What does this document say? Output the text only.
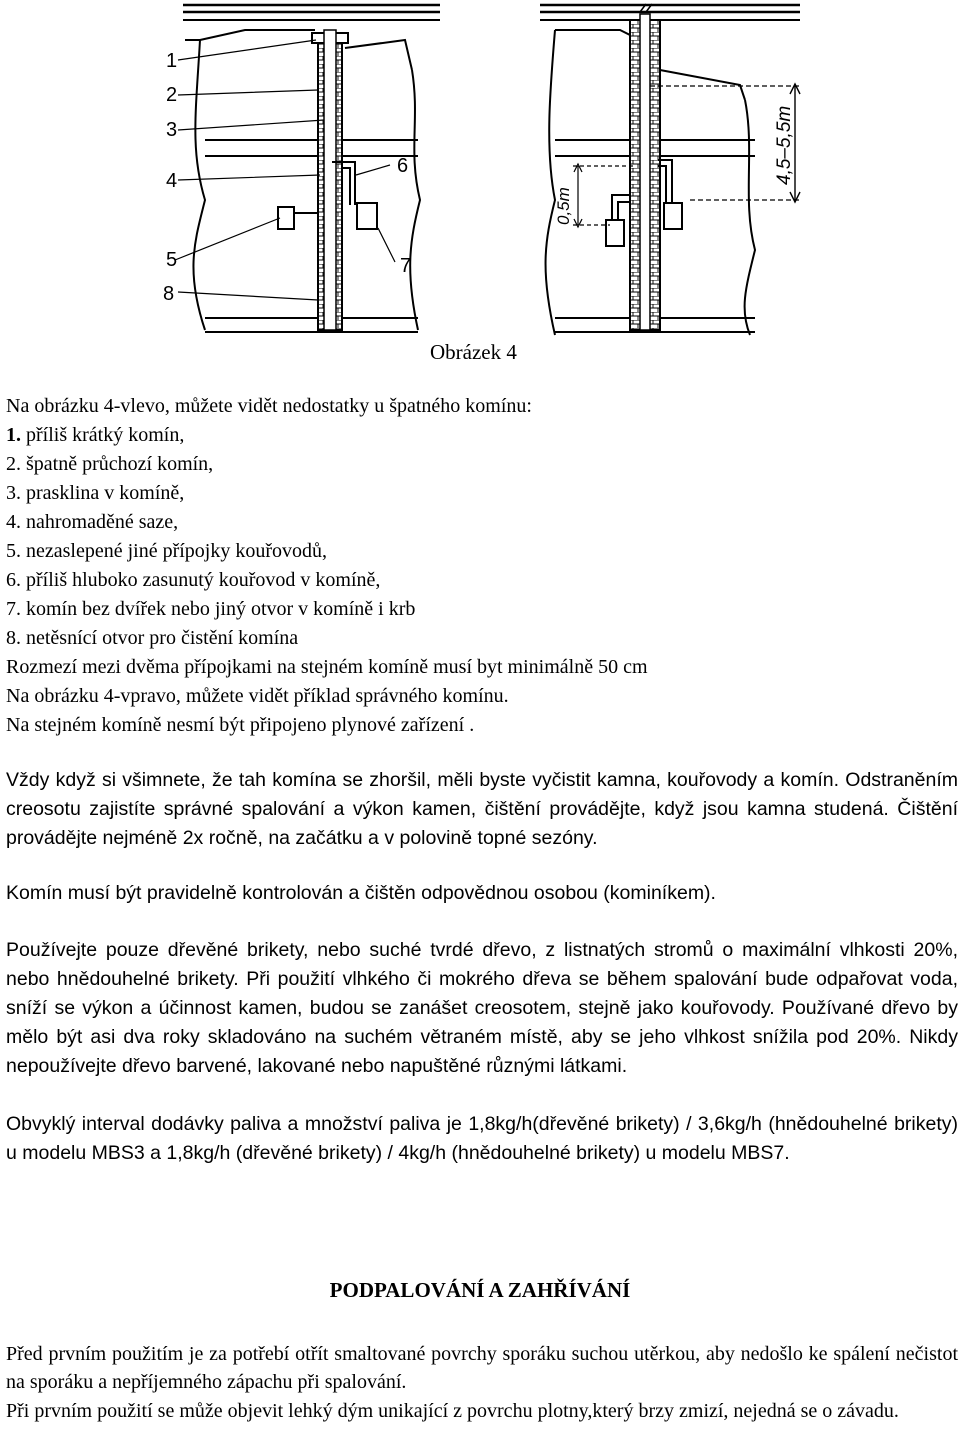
1
2
3
4
5
8
6
7
0,5m
4,5–5,5m
Obrázek 4
Na obrázku 4-vlevo, můžete vidět nedostatky u špatného komínu:
1. příliš krátký komín,
2. špatně průchozí komín,
3. prasklina v komíně,
4. nahromaděné saze,
5. nezaslepené jiné přípojky kouřovodů,
6. příliš hluboko zasunutý kouřovod v komíně,
7. komín bez dvířek nebo jiný otvor v komíně i krb
8. netěsnící otvor pro čistění komína
Rozmezí mezi dvěma přípojkami na stejném komíně musí byt minimálně 50 cm
Na obrázku 4-vpravo, můžete vidět příklad správného komínu.
Na stejném komíně nesmí být připojeno plynové zařízení .
Vždy když si všimnete, že tah komína se zhoršil, měli byste vyčistit kamna, kouřovody a komín. Odstraněním creosotu zajistíte správné spalování a výkon kamen, čištění provádějte, když jsou kamna studená. Čištění provádějte nejméně 2x ročně, na začátku a v polovině topné sezóny.
Komín musí být pravidelně kontrolován a čištěn odpovědnou osobou (kominíkem).
Používejte pouze dřevěné brikety, nebo suché tvrdé dřevo, z listnatých stromů o maximální vlhkosti 20%, nebo hnědouhelné brikety. Při použití vlhkého či mokrého dřeva se během spalování bude odpařovat voda, sníží se výkon a účinnost kamen, budou se zanášet creosotem, stejně jako kouřovody. Používané dřevo by mělo být asi dva roky skladováno na suchém větraném místě, aby se jeho vlhkost snížila pod 20%. Nikdy nepoužívejte dřevo barvené, lakované nebo napuštěné různými látkami.
Obvyklý interval dodávky paliva a množství paliva je 1,8kg/h(dřevěné brikety) / 3,6kg/h (hnědouhelné brikety) u modelu MBS3 a 1,8kg/h (dřevěné brikety) / 4kg/h (hnědouhelné brikety) u modelu MBS7.
PODPALOVÁNÍ A ZAHŘÍVÁNÍ
Před prvním použitím je za potřebí otřít smaltované povrchy sporáku suchou utěrkou, aby nedošlo ke spálení nečistot na sporáku a nepříjemného zápachu při spalování.
Při prvním použití se může objevit lehký dým unikající z povrchu plotny,který brzy zmizí, nejedná se o závadu.
